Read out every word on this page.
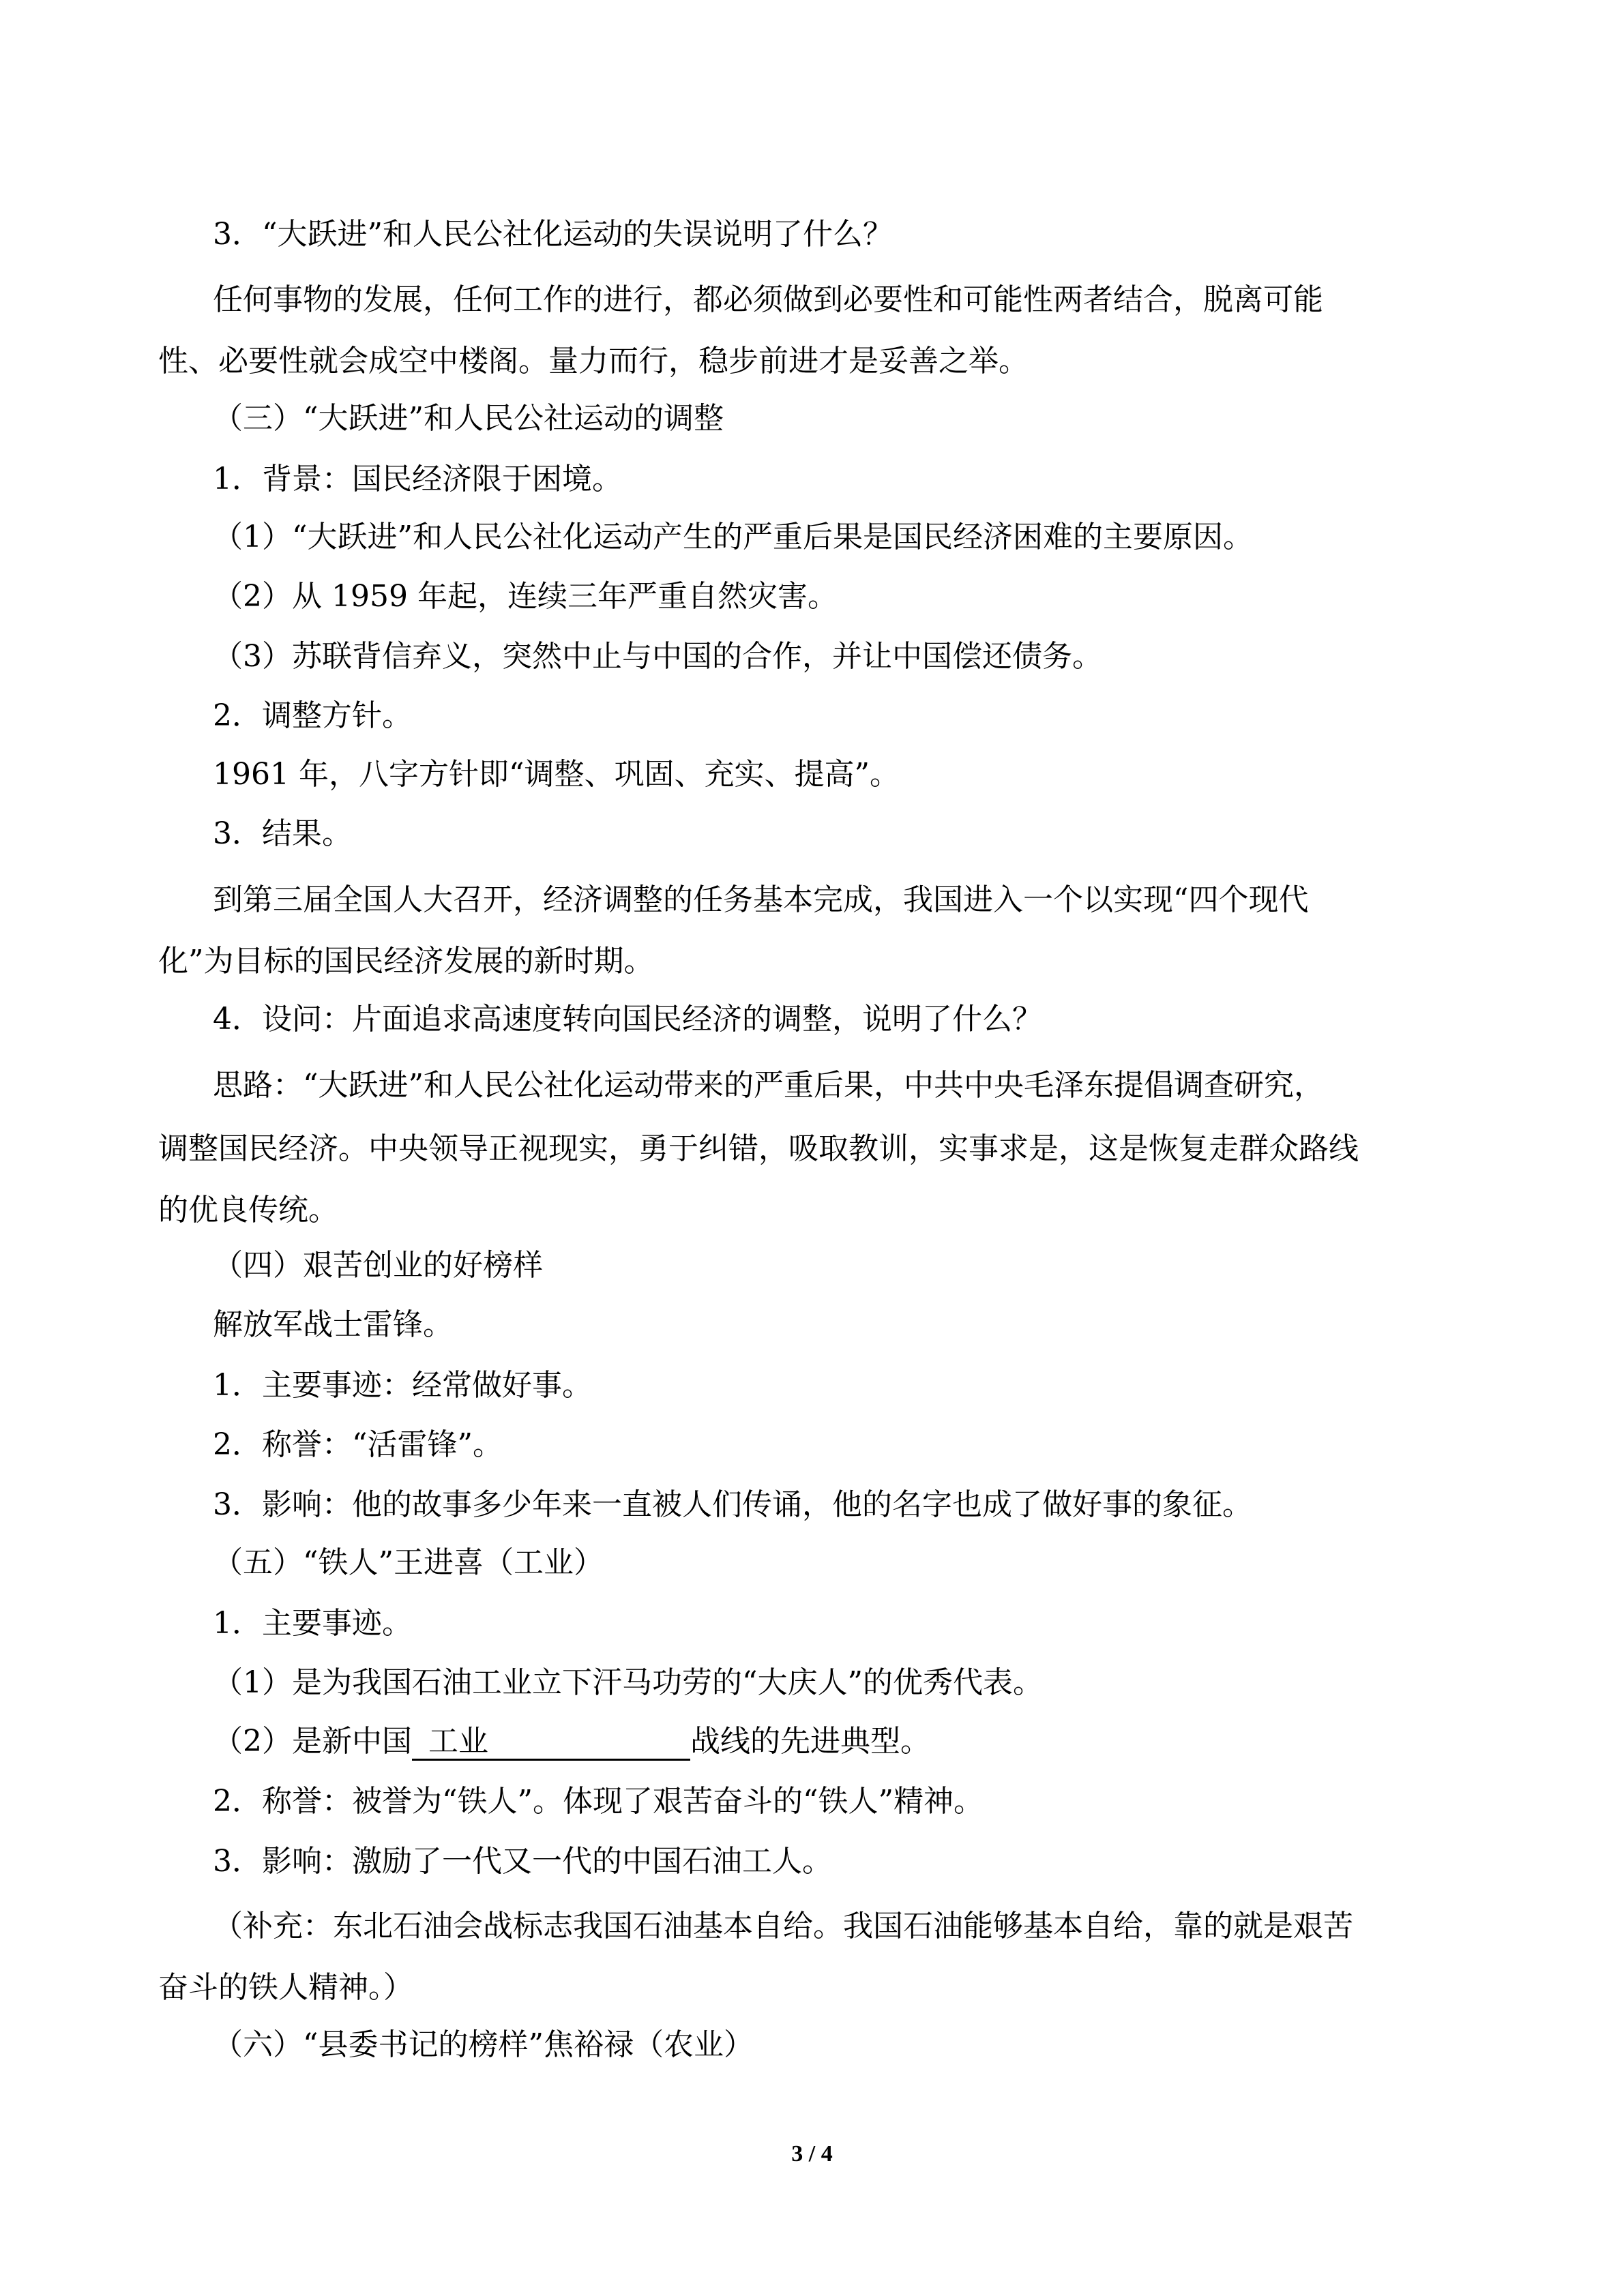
3．“大跃进”和人民公社化运动的失误说明了什么？
任何事物的发展，任何工作的进行，都必须做到必要性和可能性两者结合，脱离可能
性、必要性就会成空中楼阁。量力而行，稳步前进才是妥善之举。
（三）“大跃进”和人民公社运动的调整
1．背景：国民经济限于困境。
（1）“大跃进”和人民公社化运动产生的严重后果是国民经济困难的主要原因。
（2）从 1959 年起，连续三年严重自然灾害。
（3）苏联背信弃义，突然中止与中国的合作，并让中国偿还债务。
2．调整方针。
1961 年，八字方针即“调整、巩固、充实、提高”。
3．结果。
到第三届全国人大召开，经济调整的任务基本完成，我国进入一个以实现“四个现代
化”为目标的国民经济发展的新时期。
4．设问：片面追求高速度转向国民经济的调整，说明了什么？
思路：“大跃进”和人民公社化运动带来的严重后果，中共中央毛泽东提倡调查研究，
调整国民经济。中央领导正视现实，勇于纠错，吸取教训，实事求是，这是恢复走群众路线
的优良传统。
（四）艰苦创业的好榜样
解放军战士雷锋。
1．主要事迹：经常做好事。
2．称誉：“活雷锋”。
3．影响：他的故事多少年来一直被人们传诵，他的名字也成了做好事的象征。
（五）“铁人”王进喜（工业）
1．主要事迹。
（1）是为我国石油工业立下汗马功劳的“大庆人”的优秀代表。
（2）是新中国 工业	战线的先进典型。
2．称誉：被誉为“铁人”。体现了艰苦奋斗的“铁人”精神。
3．影响：激励了一代又一代的中国石油工人。
（补充：东北石油会战标志我国石油基本自给。我国石油能够基本自给，靠的就是艰苦
奋斗的铁人精神。）
（六）“县委书记的榜样”焦裕禄（农业）
3 / 4
